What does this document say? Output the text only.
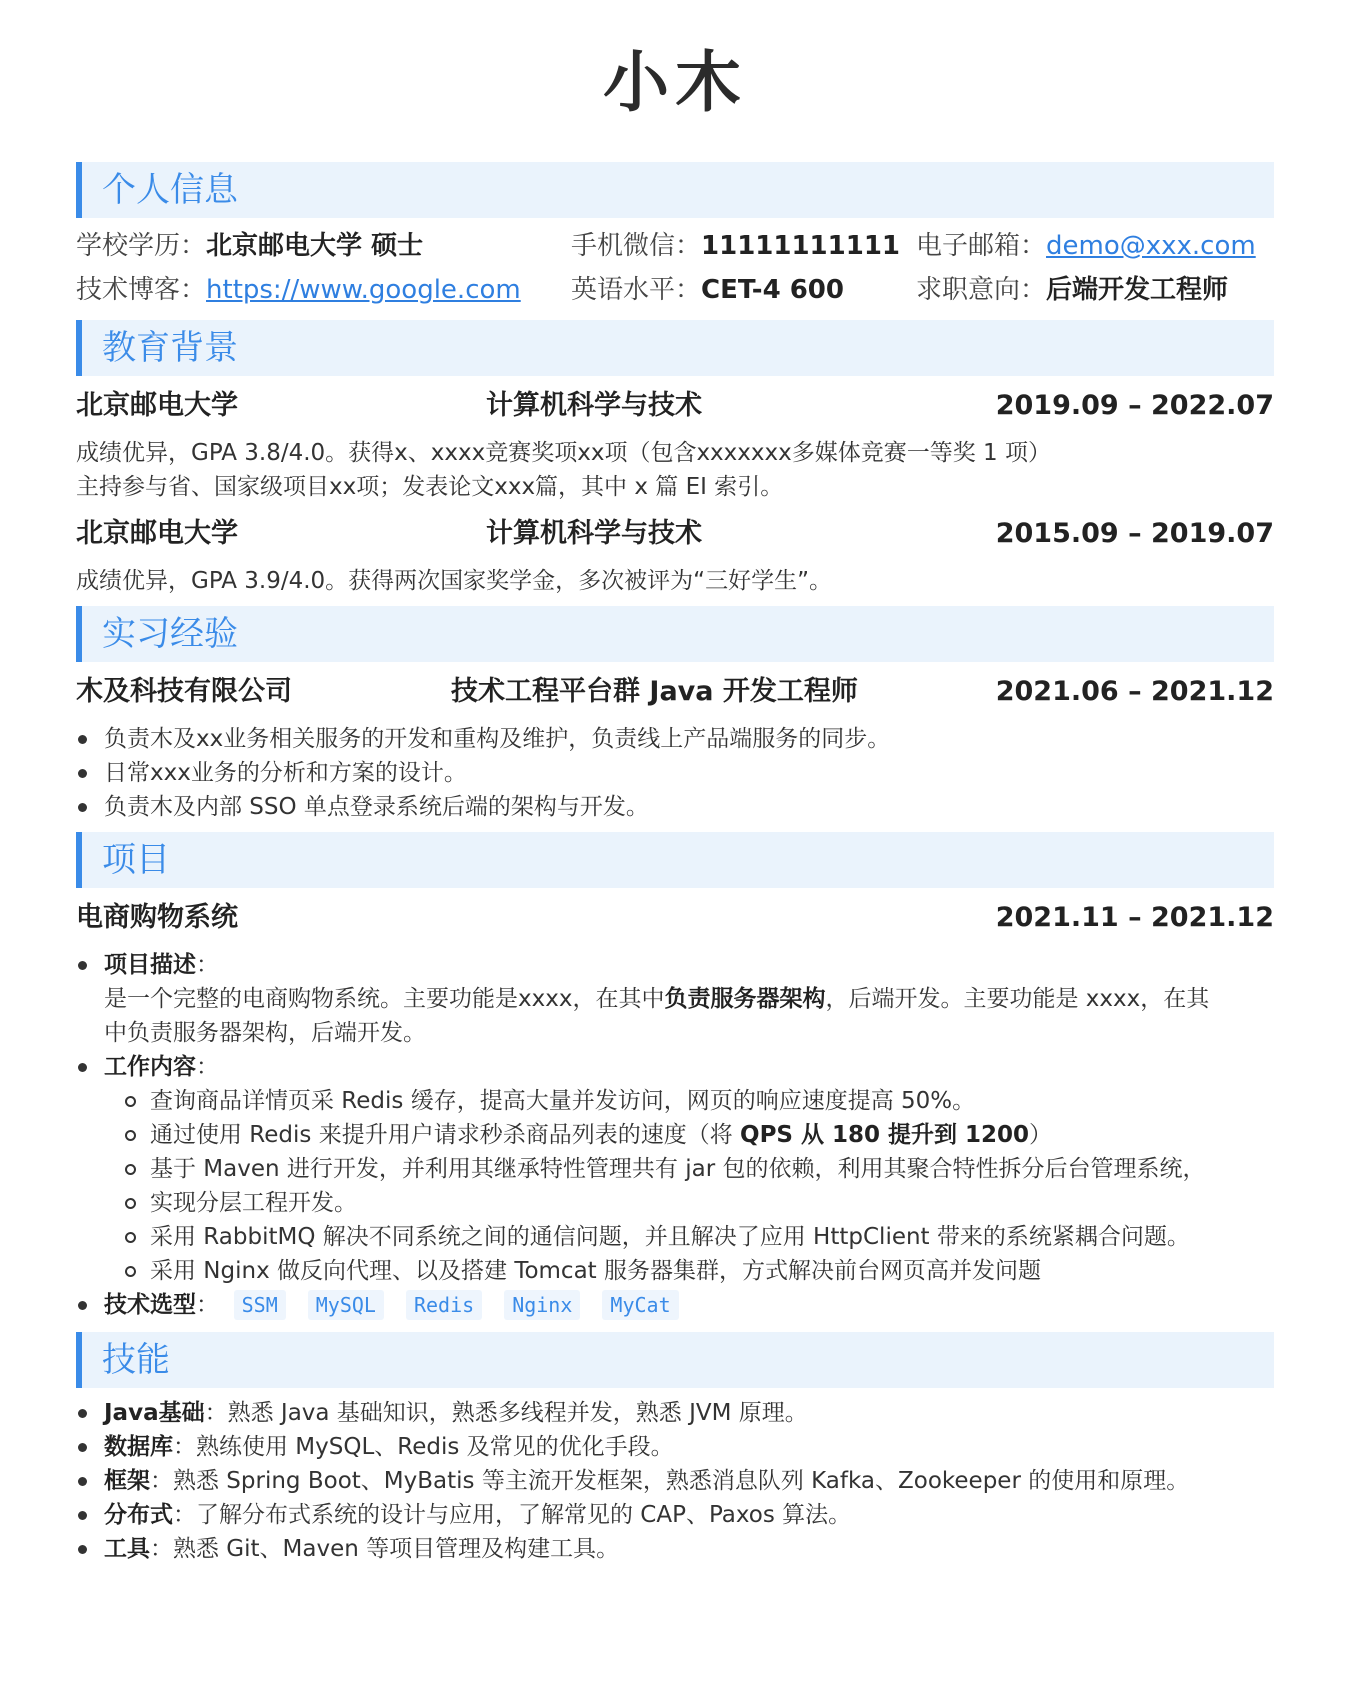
小木
个人信息
学校学历：北京邮电大学 硕士	手机微信：11111111111 电子邮箱：demo@xxx.com
技术博客：https://www.google.com	英语水平：CET-4 600	求职意向：后端开发工程师
教育背景
北京邮电大学	计算机科学与技术	2019.09 – 2022.07
成绩优异，GPA 3.8/4.0。获得x、xxxx竞赛奖项xx项（包含xxxxxxx多媒体竞赛一等奖 1 项）
主持参与省、国家级项目xx项；发表论文xxx篇，其中 x 篇 EI 索引。
北京邮电大学	计算机科学与技术	2015.09 – 2019.07
成绩优异，GPA 3.9/4.0。获得两次国家奖学金，多次被评为“三好学生”。
实习经验
木及科技有限公司	技术工程平台群 Java 开发工程师	2021.06 – 2021.12
负责木及xx业务相关服务的开发和重构及维护，负责线上产品端服务的同步。
日常xxx业务的分析和方案的设计。
负责木及内部 SSO 单点登录系统后端的架构与开发。
项目
电商购物系统	2021.11 – 2021.12
项目描述：
是一个完整的电商购物系统。主要功能是xxxx，在其中负责服务器架构，后端开发。主要功能是 xxxx，在其
中负责服务器架构，后端开发。
工作内容：
查询商品详情页采 Redis 缓存，提高大量并发访问，网页的响应速度提高 50%。
通过使用 Redis 来提升用户请求秒杀商品列表的速度（将 QPS 从 180 提升到 1200）
基于 Maven 进行开发，并利用其继承特性管理共有 jar 包的依赖，利用其聚合特性拆分后台管理系统，
实现分层工程开发。
采用 RabbitMQ 解决不同系统之间的通信问题，并且解决了应用 HttpClient 带来的系统紧耦合问题。
采用 Nginx 做反向代理、以及搭建 Tomcat 服务器集群，方式解决前台网页高并发问题
技术选型： SSM MySQL Redis Nginx MyCat
技能
Java基础：熟悉 Java 基础知识，熟悉多线程并发，熟悉 JVM 原理。
数据库：熟练使用 MySQL、Redis 及常见的优化手段。
框架：熟悉 Spring Boot、MyBatis 等主流开发框架，熟悉消息队列 Kafka、Zookeeper 的使用和原理。
分布式：了解分布式系统的设计与应用，了解常见的 CAP、Paxos 算法。
工具：熟悉 Git、Maven 等项目管理及构建工具。
